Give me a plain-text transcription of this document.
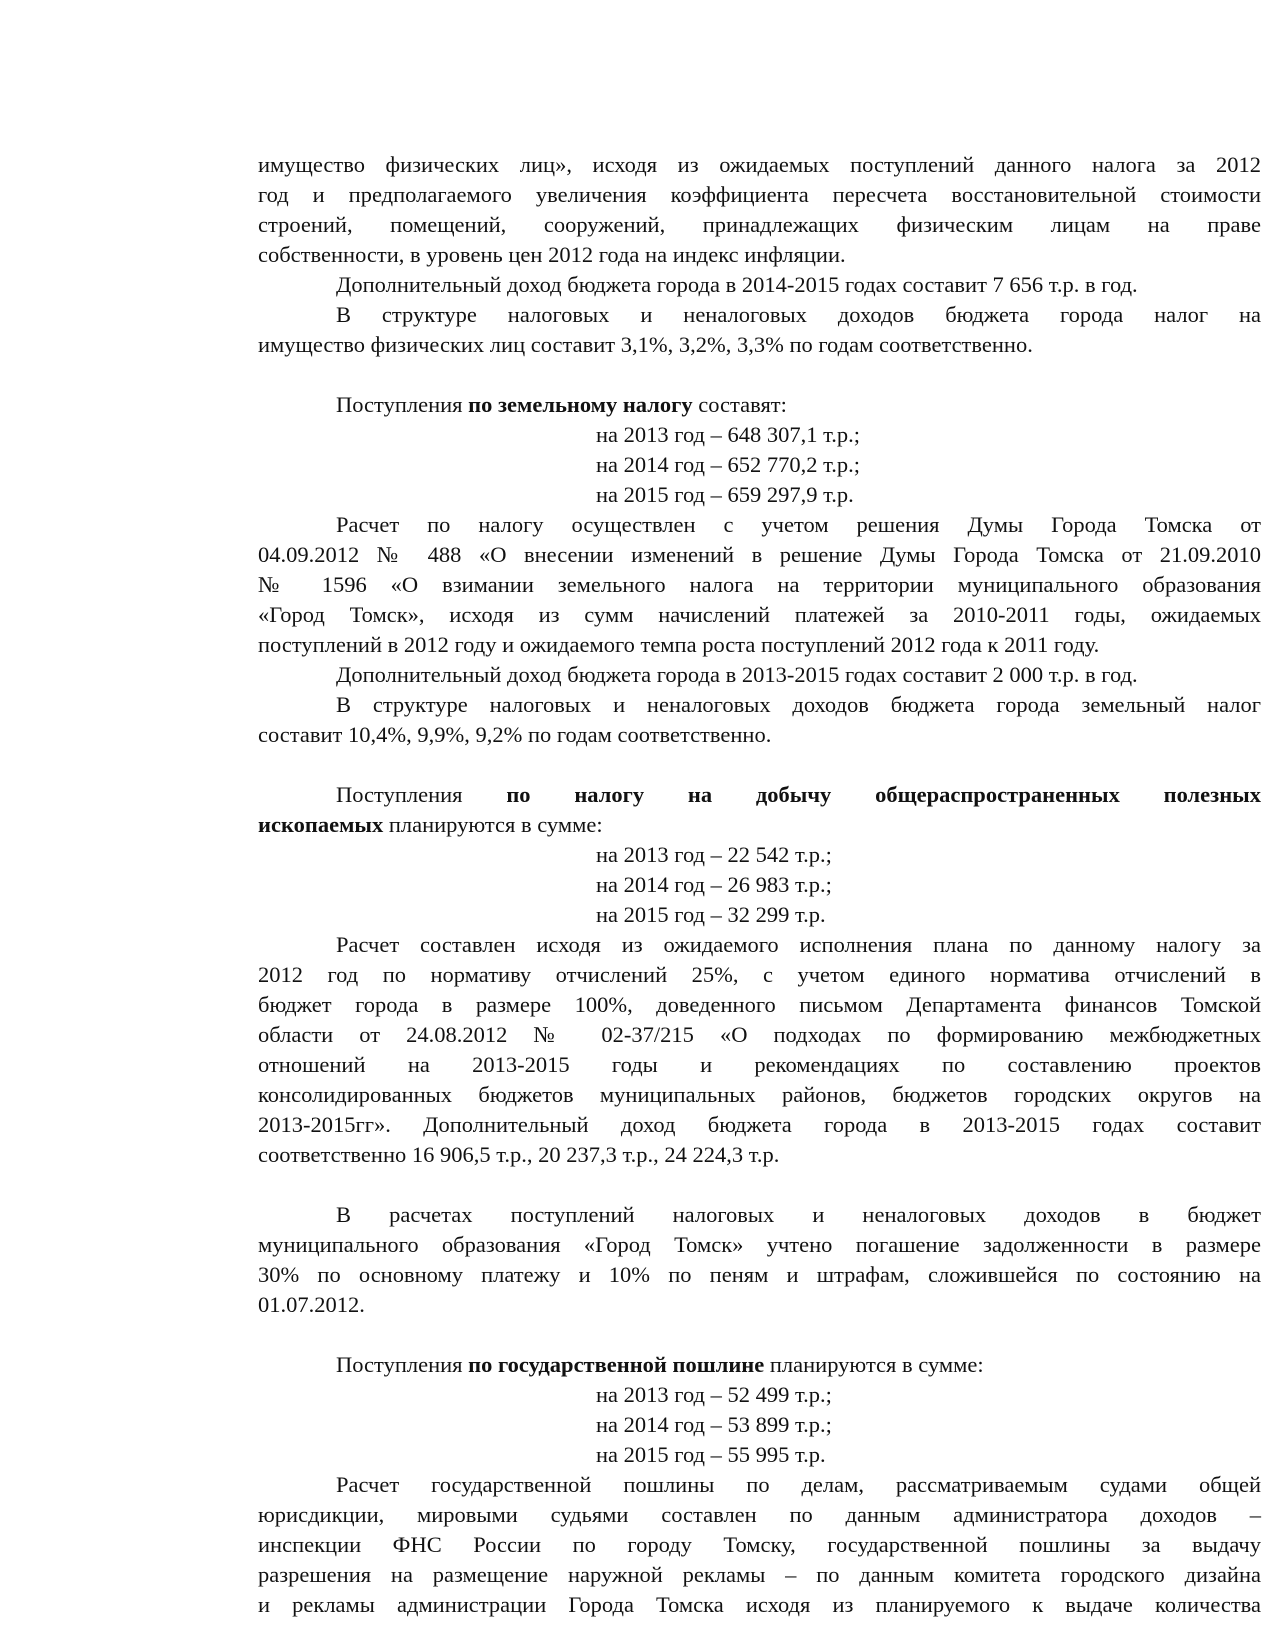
имущество физических лиц», исходя из ожидаемых поступлений данного налога за 2012

год и предполагаемого увеличения коэффициента пересчета восстановительной стоимости

строений, помещений, сооружений, принадлежащих физическим лицам на праве

собственности, в уровень цен 2012 года на индекс инфляции.

Дополнительный доход бюджета города в 2014-2015 годах составит 7 656 т.р. в год.

В структуре налоговых и неналоговых доходов бюджета города налог на

имущество физических лиц составит 3,1%, 3,2%, 3,3% по годам соответственно.

Поступления по земельному налогу составят:

на 2013 год – 648 307,1 т.р.;

на 2014 год – 652 770,2 т.р.;

на 2015 год – 659 297,9 т.р.

Расчет по налогу осуществлен с учетом решения Думы Города Томска от

04.09.2012 № 488 «О внесении изменений в решение Думы Города Томска от 21.09.2010

№ 1596 «О взимании земельного налога на территории муниципального образования

«Город Томск», исходя из сумм начислений платежей за 2010-2011 годы, ожидаемых

поступлений в 2012 году и ожидаемого темпа роста поступлений 2012 года к 2011 году.

Дополнительный доход бюджета города в 2013-2015 годах составит 2 000 т.р. в год.

В структуре налоговых и неналоговых доходов бюджета города земельный налог

составит 10,4%, 9,9%, 9,2% по годам соответственно.

Поступления по налогу на добычу общераспространенных полезных

ископаемых планируются в сумме:

на 2013 год – 22 542 т.р.;

на 2014 год – 26 983 т.р.;

на 2015 год – 32 299 т.р.

Расчет составлен исходя из ожидаемого исполнения плана по данному налогу за

2012 год по нормативу отчислений 25%, с учетом единого норматива отчислений в

бюджет города в размере 100%, доведенного письмом Департамента финансов Томской

области от 24.08.2012 № 02-37/215 «О подходах по формированию межбюджетных

отношений на 2013-2015 годы и рекомендациях по составлению проектов

консолидированных бюджетов муниципальных районов, бюджетов городских округов на

2013-2015гг». Дополнительный доход бюджета города в 2013-2015 годах составит

соответственно 16 906,5 т.р., 20 237,3 т.р., 24 224,3 т.р.

В расчетах поступлений налоговых и неналоговых доходов в бюджет

муниципального образования «Город Томск» учтено погашение задолженности в размере

30% по основному платежу и 10% по пеням и штрафам, сложившейся по состоянию на

01.07.2012.

Поступления по государственной пошлине планируются в сумме:

на 2013 год – 52 499 т.р.;

на 2014 год – 53 899 т.р.;

на 2015 год – 55 995 т.р.

Расчет государственной пошлины по делам, рассматриваемым судами общей

юрисдикции, мировыми судьями составлен по данным администратора доходов –

инспекции ФНС России по городу Томску, государственной пошлины за выдачу

разрешения на размещение наружной рекламы – по данным комитета городского дизайна

и рекламы администрации Города Томска исходя из планируемого к выдаче количества
